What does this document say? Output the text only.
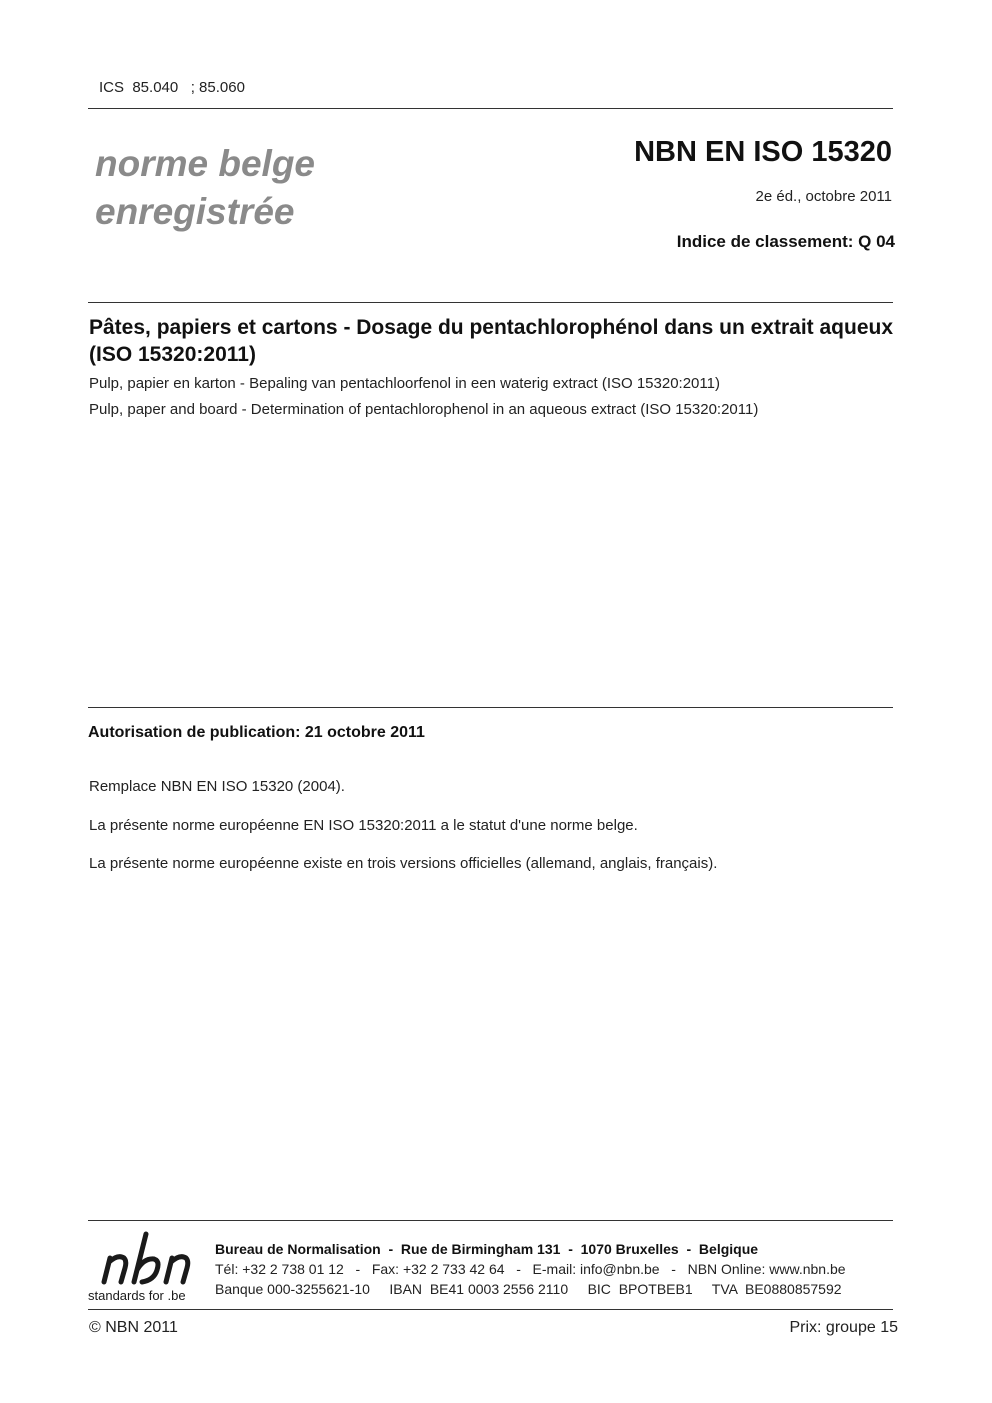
ICS  85.040   ; 85.060
norme belge
enregistrée
NBN EN ISO 15320
2e éd., octobre 2011
Indice de classement: Q 04
Pâtes, papiers et cartons - Dosage du pentachlorophénol dans un extrait aqueux (ISO 15320:2011)
Pulp, papier en karton - Bepaling van pentachloorfenol in een waterig extract (ISO 15320:2011)
Pulp, paper and board - Determination of pentachlorophenol in an aqueous extract (ISO 15320:2011)
Autorisation de publication: 21 octobre 2011
Remplace NBN EN ISO 15320 (2004).
La présente norme européenne EN ISO 15320:2011 a le statut d'une norme belge.
La présente norme européenne existe en trois versions officielles (allemand, anglais, français).
standards for .be
Bureau de Normalisation  -  Rue de Birmingham 131  -  1070 Bruxelles  -  Belgique
Tél: +32 2 738 01 12   -   Fax: +32 2 733 42 64   -   E-mail: info@nbn.be   -   NBN Online: www.nbn.be
Banque 000-3255621-10     IBAN  BE41 0003 2556 2110     BIC  BPOTBEB1     TVA  BE0880857592
© NBN 2011	Prix: groupe 15
